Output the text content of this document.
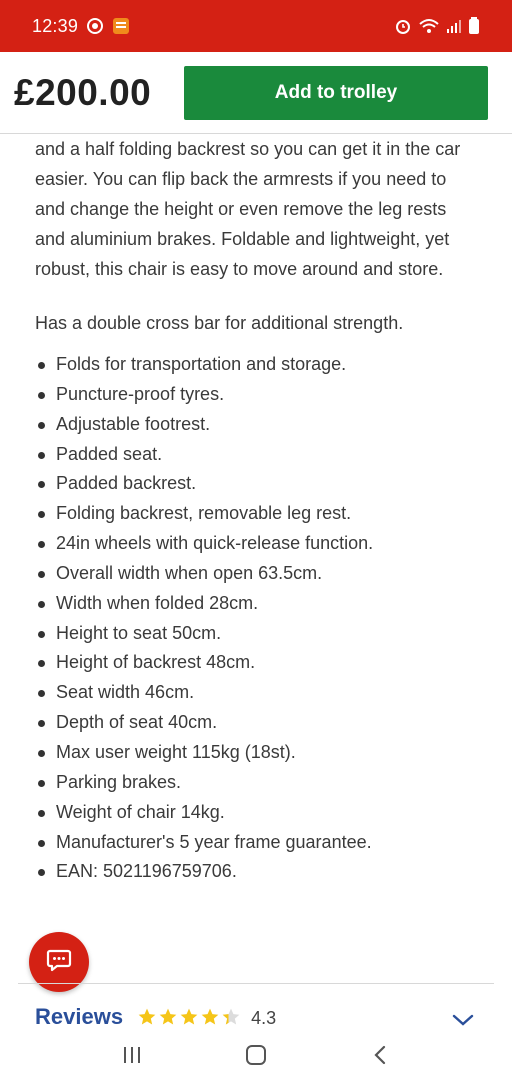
12:39
£200.00	Add to trolley

and a half folding backrest so you can get it in the car easier. You can flip back the armrests if you need to and change the height or even remove the leg rests and aluminium brakes. Foldable and lightweight, yet robust, this chair is easy to move around and store.

Has a double cross bar for additional strength.

Folds for transportation and storage.
Puncture-proof tyres.
Adjustable footrest.
Padded seat.
Padded backrest.
Folding backrest, removable leg rest.
24in wheels with quick-release function.
Overall width when open 63.5cm.
Width when folded 28cm.
Height to seat 50cm.
Height of backrest 48cm.
Seat width 46cm.
Depth of seat 40cm.
Max user weight 115kg (18st).
Parking brakes.
Weight of chair 14kg.
Manufacturer's 5 year frame guarantee.
EAN: 5021196759706.
Reviews	4.3
